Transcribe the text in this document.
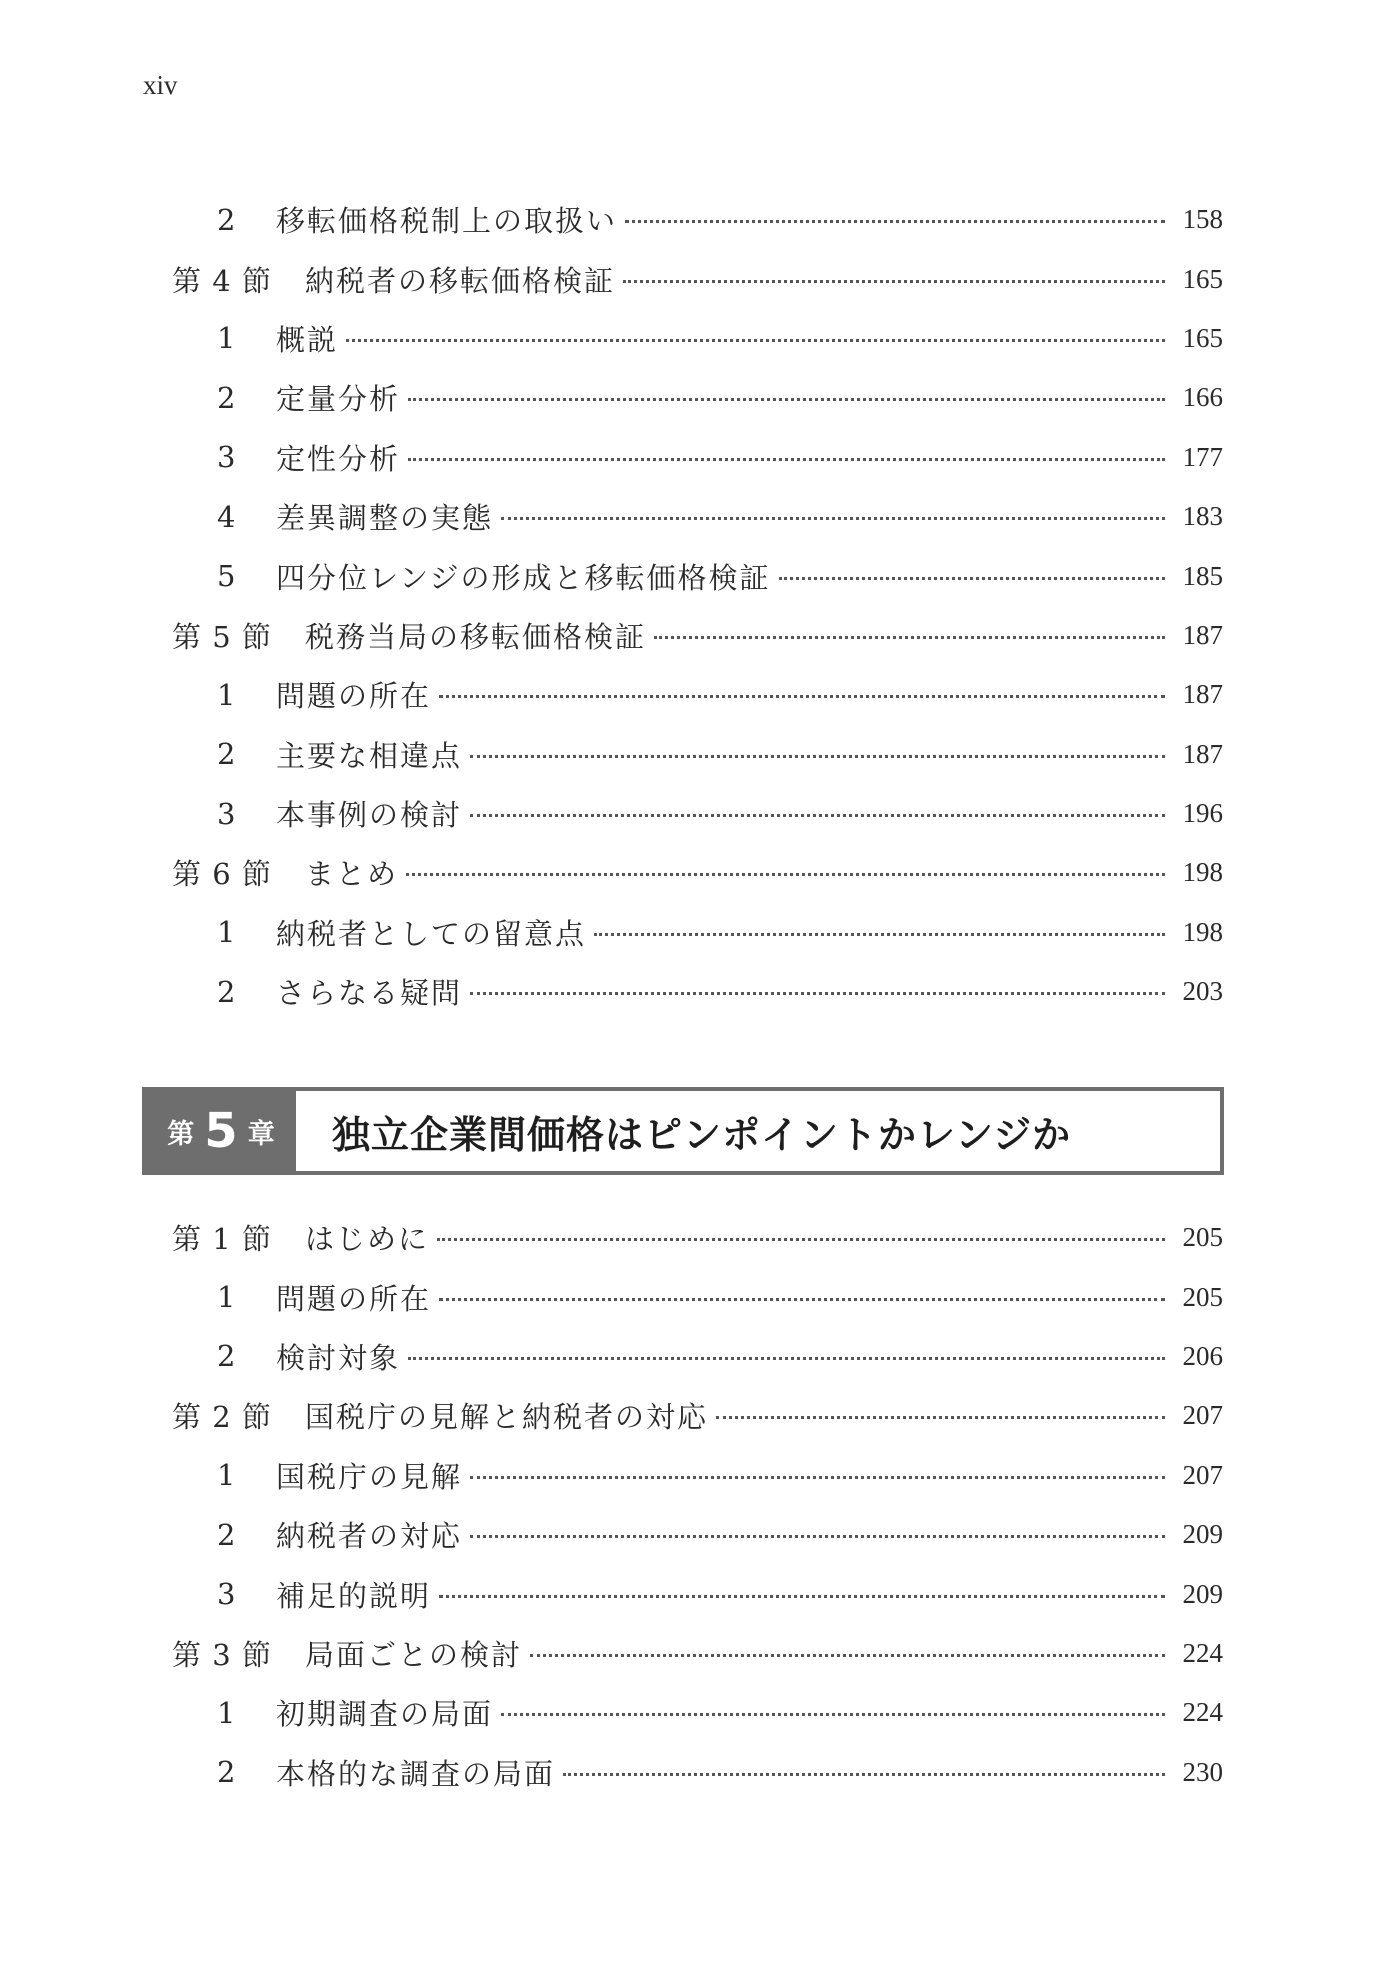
xiv
2	移転価格税制上の取扱い	158
第 4 節	納税者の移転価格検証	165
1	概説	165
2	定量分析	166
3	定性分析	177
4	差異調整の実態	183
5	四分位レンジの形成と移転価格検証	185
第 5 節	税務当局の移転価格検証	187
1	問題の所在	187
2	主要な相違点	187
3	本事例の検討	196
第 6 節	まとめ	198
1	納税者としての留意点	198
2	さらなる疑問	203
第 5 章	独立企業間価格はピンポイントかレンジか
第 1 節	はじめに	205
1	問題の所在	205
2	検討対象	206
第 2 節	国税庁の見解と納税者の対応	207
1	国税庁の見解	207
2	納税者の対応	209
3	補足的説明	209
第 3 節	局面ごとの検討	224
1	初期調査の局面	224
2	本格的な調査の局面	230
